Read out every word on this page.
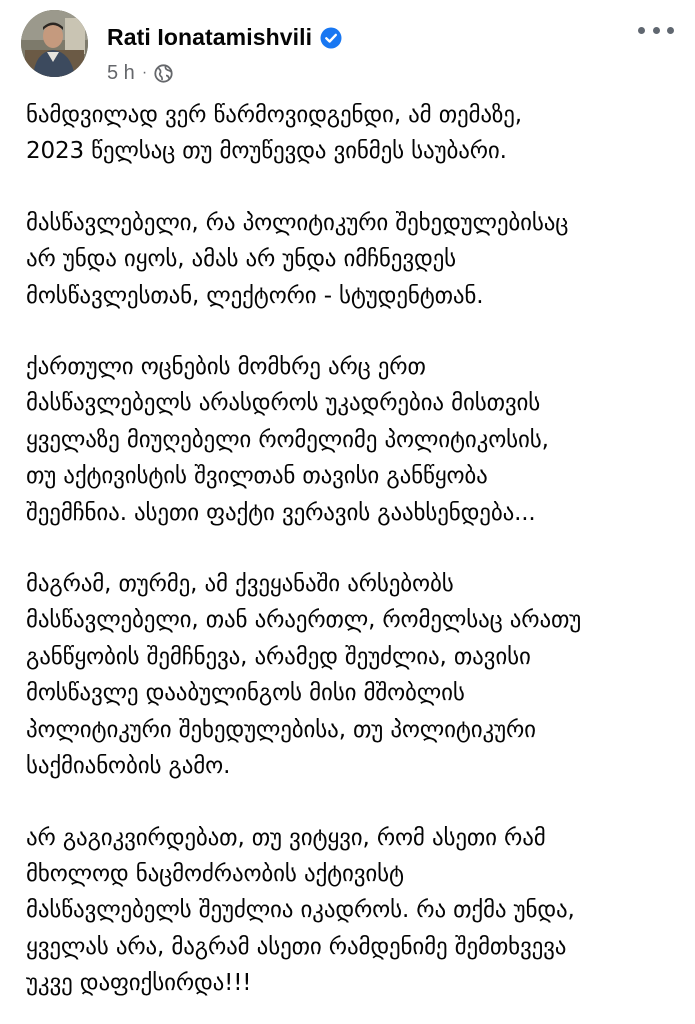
Rati Ionatamishvili
5 h ·

ნამდვილად ვერ წარმოვიდგენდი, ამ თემაზე,
2023 წელსაც თუ მოუწევდა ვინმეს საუბარი.

მასწავლებელი, რა პოლიტიკური შეხედულებისაც
არ უნდა იყოს, ამას არ უნდა იმჩნევდეს
მოსწავლესთან, ლექტორი - სტუდენტთან.

ქართული ოცნების მომხრე არც ერთ
მასწავლებელს არასდროს უკადრებია მისთვის
ყველაზე მიუღებელი რომელიმე პოლიტიკოსის,
თუ აქტივისტის შვილთან თავისი განწყობა
შეემჩნია. ასეთი ფაქტი ვერავის გაახსენდება...

მაგრამ, თურმე, ამ ქვეყანაში არსებობს
მასწავლებელი, თან არაერთლ, რომელსაც არათუ
განწყობის შემჩნევა, არამედ შეუძლია, თავისი
მოსწავლე დააბულინგოს მისი მშობლის
პოლიტიკური შეხედულებისა, თუ პოლიტიკური
საქმიანობის გამო.

არ გაგიკვირდებათ, თუ ვიტყვი, რომ ასეთი რამ
მხოლოდ ნაცმოძრაობის აქტივისტ
მასწავლებელს შეუძლია იკადროს. რა თქმა უნდა,
ყველას არა, მაგრამ ასეთი რამდენიმე შემთხვევა
უკვე დაფიქსირდა!!!
